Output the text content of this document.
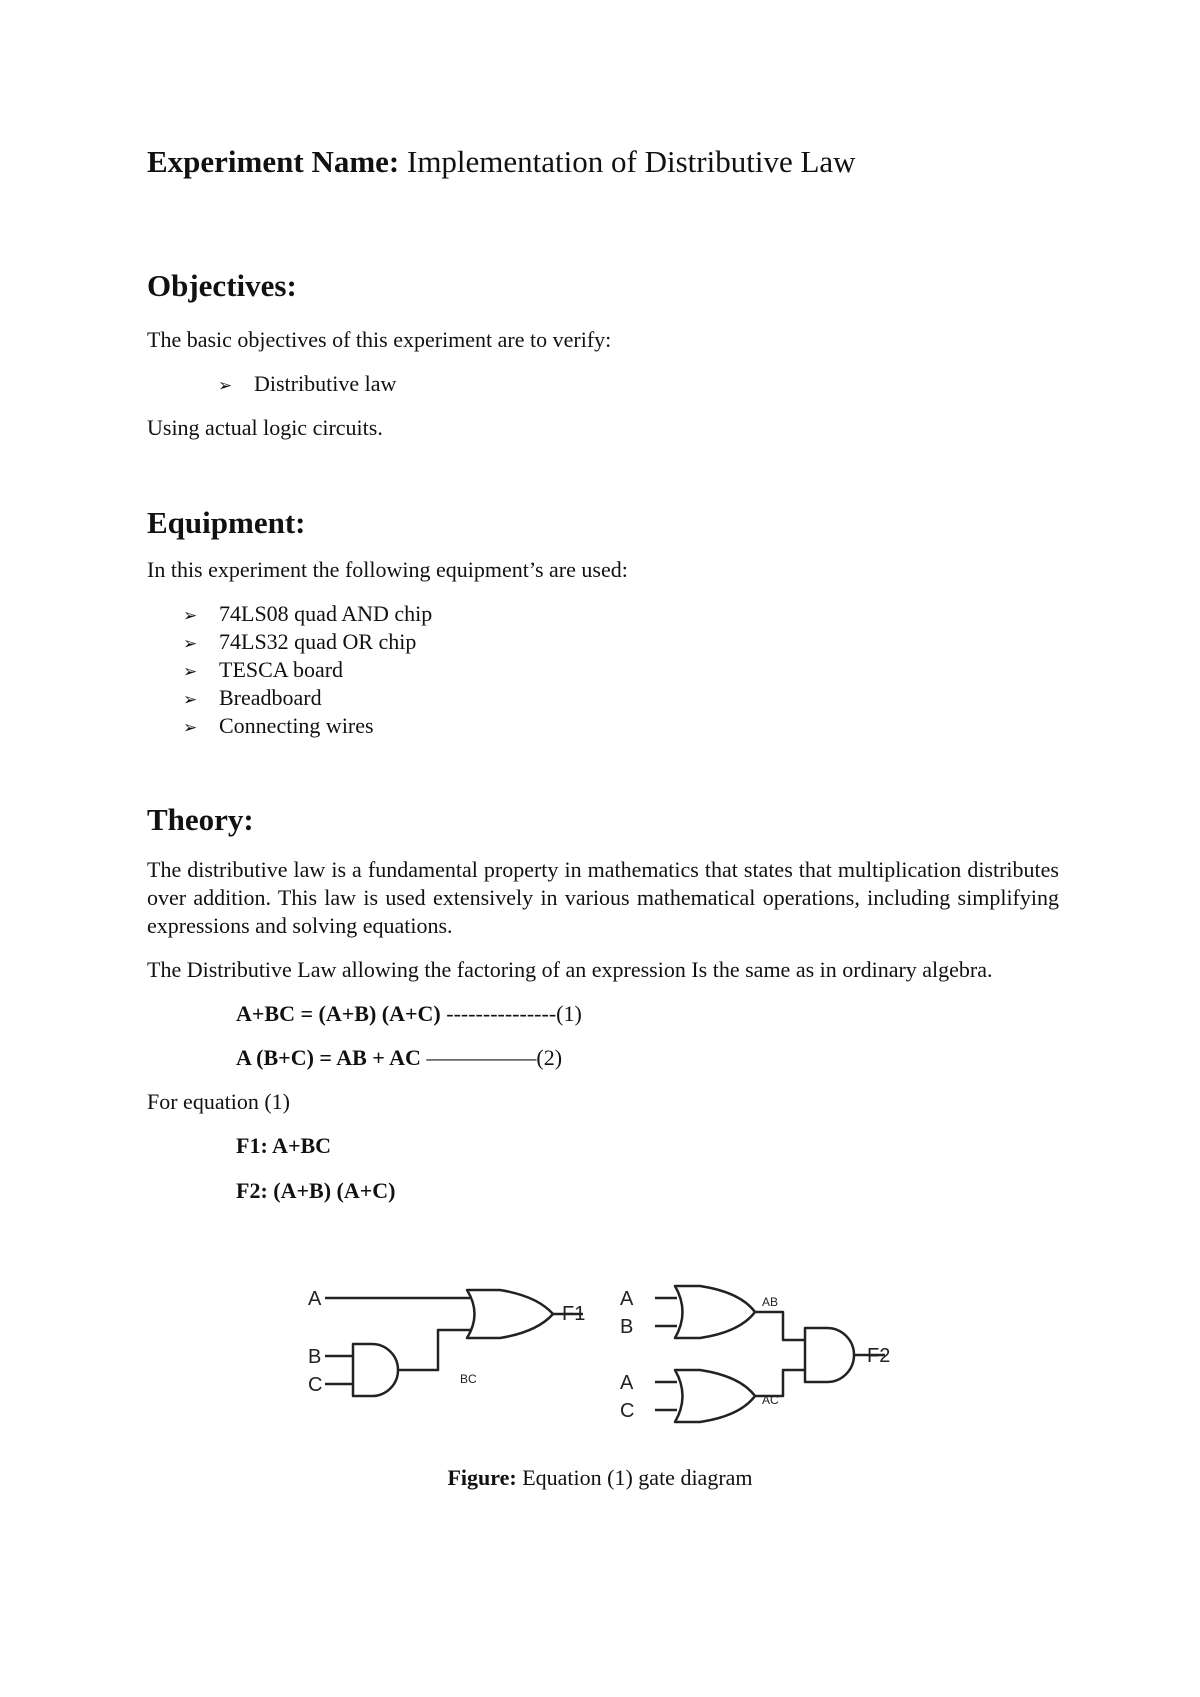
Experiment Name: Implementation of Distributive Law
Objectives:
The basic objectives of this experiment are to verify:
➢ Distributive law
Using actual logic circuits.
Equipment:
In this experiment the following equipment’s are used:
➢ 74LS08 quad AND chip
➢ 74LS32 quad OR chip
➢ TESCA board
➢ Breadboard
➢ Connecting wires
Theory:
The distributive law is a fundamental property in mathematics that states that multiplication distributes over addition. This law is used extensively in various mathematical operations, including simplifying expressions and solving equations.
The Distributive Law allowing the factoring of an expression Is the same as in ordinary algebra.
A+BC = (A+B) (A+C) ---------------(1)
A (B+C) = AB + AC ––––––––––(2)
For equation (1)
F1: A+BC
F2: (A+B) (A+C)
A
B
C	BC
F1
A
B
AB
A
C	AC
F2
Figure: Equation (1) gate diagram
